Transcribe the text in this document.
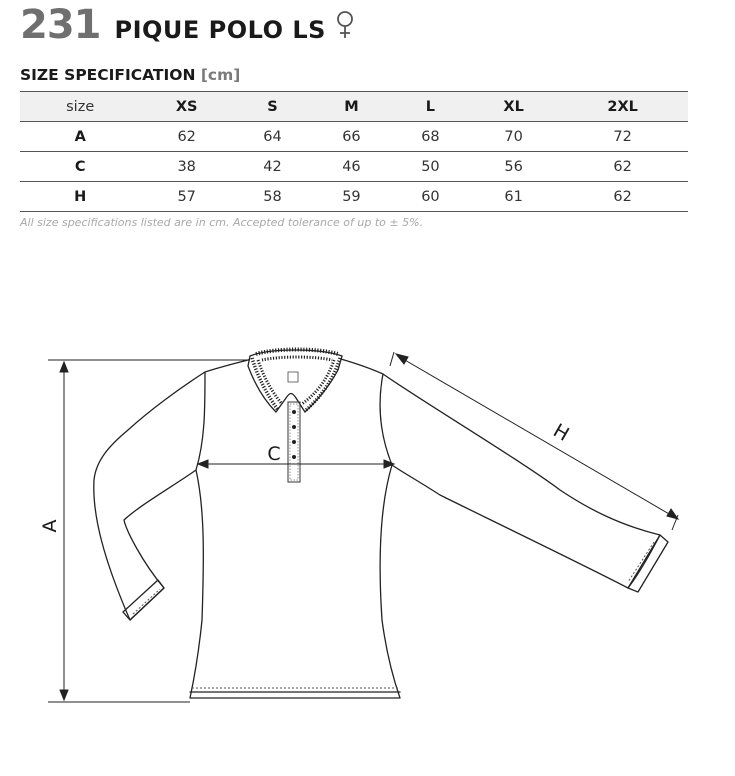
231 PIQUE POLO LS
SIZE SPECIFICATION [cm]
size	XS	S	M	L	XL	2XL
A	62	64	66	68	70	72
C	38	42	46	50	56	62
H	57	58	59	60	61	62
All size specifications listed are in cm. Accepted tolerance of up to ± 5%.
A
C
H
